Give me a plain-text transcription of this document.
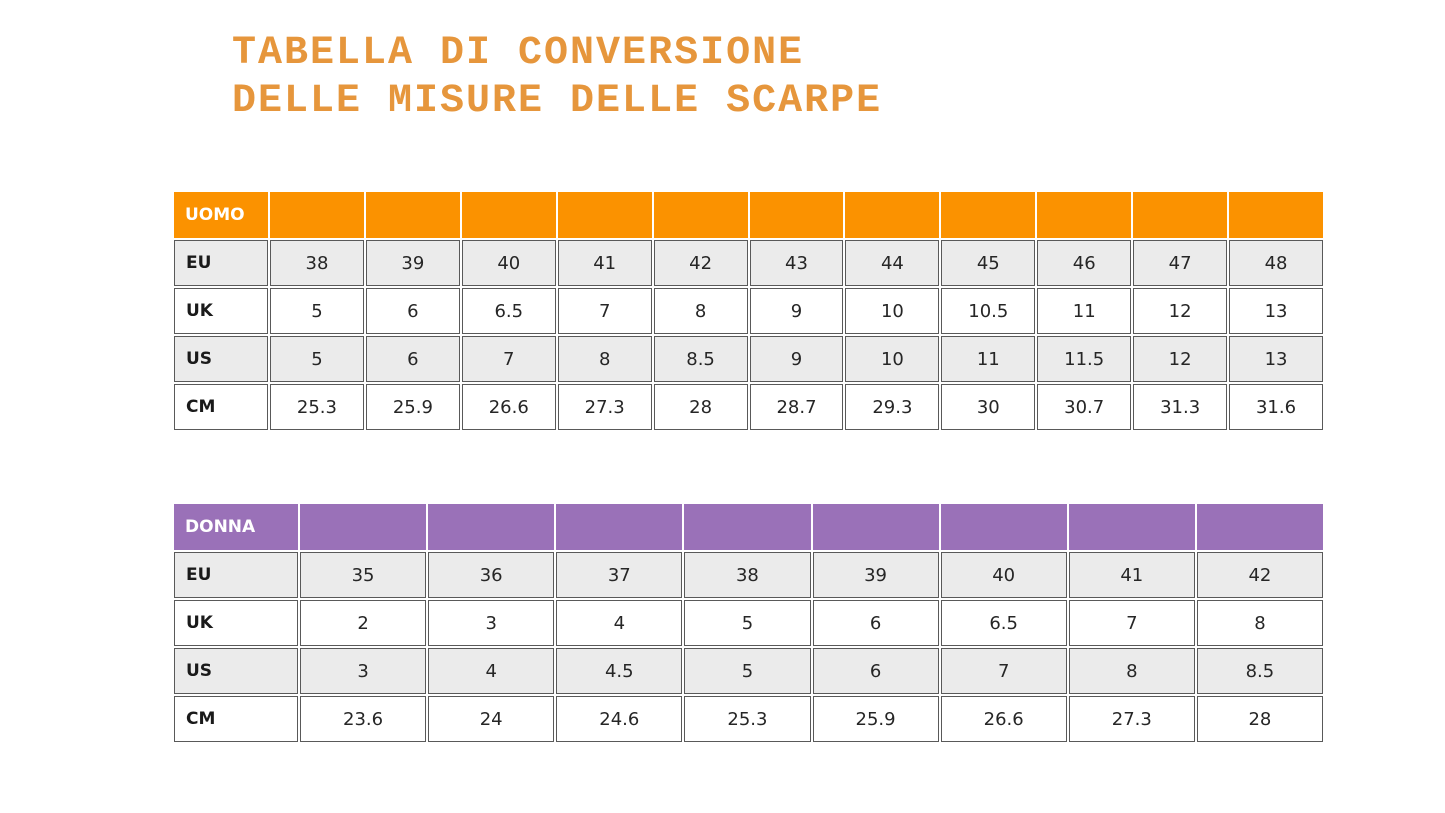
TABELLA DI CONVERSIONE
DELLE MISURE DELLE SCARPE
UOMO											
EU	38	39	40	41	42	43	44	45	46	47	48
UK	5	6	6.5	7	8	9	10	10.5	11	12	13
US	5	6	7	8	8.5	9	10	11	11.5	12	13
CM	25.3	25.9	26.6	27.3	28	28.7	29.3	30	30.7	31.3	31.6
DONNA								
EU	35	36	37	38	39	40	41	42
UK	2	3	4	5	6	6.5	7	8
US	3	4	4.5	5	6	7	8	8.5
CM	23.6	24	24.6	25.3	25.9	26.6	27.3	28
